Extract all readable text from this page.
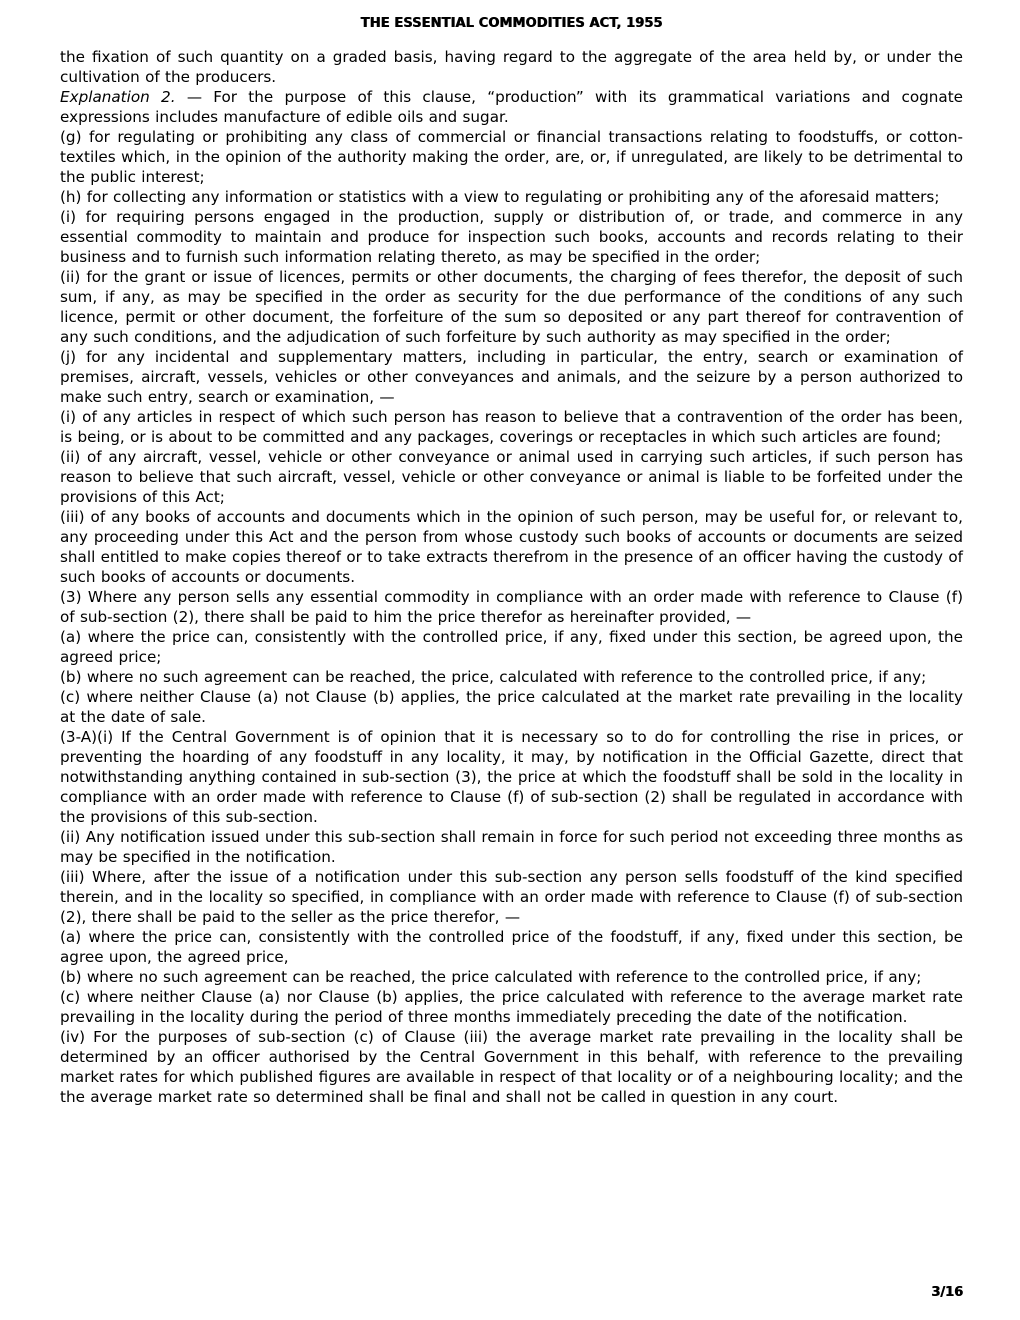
THE ESSENTIAL COMMODITIES ACT, 1955

the fixation of such quantity on a graded basis, having regard to the aggregate of the area held by, or under the cultivation of the producers.

Explanation 2. — For the purpose of this clause, “production” with its grammatical variations and cognate expressions includes manufacture of edible oils and sugar.

(g) for regulating or prohibiting any class of commercial or financial transactions relating to foodstuffs, or cotton-textiles which, in the opinion of the authority making the order, are, or, if unregulated, are likely to be detrimental to the public interest;

(h) for collecting any information or statistics with a view to regulating or prohibiting any of the aforesaid matters;

(i) for requiring persons engaged in the production, supply or distribution of, or trade, and commerce in any essential commodity to maintain and produce for inspection such books, accounts and records relating to their business and to furnish such information relating thereto, as may be specified in the order;

(ii) for the grant or issue of licences, permits or other documents, the charging of fees therefor, the deposit of such sum, if any, as may be specified in the order as security for the due performance of the conditions of any such licence, permit or other document, the forfeiture of the sum so deposited or any part thereof for contravention of any such conditions, and the adjudication of such forfeiture by such authority as may specified in the order;

(j) for any incidental and supplementary matters, including in particular, the entry, search or examination of premises, aircraft, vessels, vehicles or other conveyances and animals, and the seizure by a person authorized to make such entry, search or examination, —

(i) of any articles in respect of which such person has reason to believe that a contravention of the order has been, is being, or is about to be committed and any packages, coverings or receptacles in which such articles are found;

(ii) of any aircraft, vessel, vehicle or other conveyance or animal used in carrying such articles, if such person has reason to believe that such aircraft, vessel, vehicle or other conveyance or animal is liable to be forfeited under the provisions of this Act;

(iii) of any books of accounts and documents which in the opinion of such person, may be useful for, or relevant to, any proceeding under this Act and the person from whose custody such books of accounts or documents are seized shall entitled to make copies thereof or to take extracts therefrom in the presence of an officer having the custody of such books of accounts or documents.

(3) Where any person sells any essential commodity in compliance with an order made with reference to Clause (f) of sub-section (2), there shall be paid to him the price therefor as hereinafter provided, —

(a) where the price can, consistently with the controlled price, if any, fixed under this section, be agreed upon, the agreed price;

(b) where no such agreement can be reached, the price, calculated with reference to the controlled price, if any;

(c) where neither Clause (a) not Clause (b) applies, the price calculated at the market rate prevailing in the locality at the date of sale.

(3-A)(i) If the Central Government is of opinion that it is necessary so to do for controlling the rise in prices, or preventing the hoarding of any foodstuff in any locality, it may, by notification in the Official Gazette, direct that notwithstanding anything contained in sub-section (3), the price at which the foodstuff shall be sold in the locality in compliance with an order made with reference to Clause (f) of sub-section (2) shall be regulated in accordance with the provisions of this sub-section.

(ii) Any notification issued under this sub-section shall remain in force for such period not exceeding three months as may be specified in the notification.

(iii) Where, after the issue of a notification under this sub-section any person sells foodstuff of the kind specified therein, and in the locality so specified, in compliance with an order made with reference to Clause (f) of sub-section (2), there shall be paid to the seller as the price therefor, —

(a) where the price can, consistently with the controlled price of the foodstuff, if any, fixed under this section, be agree upon, the agreed price,

(b) where no such agreement can be reached, the price calculated with reference to the controlled price, if any;

(c) where neither Clause (a) nor Clause (b) applies, the price calculated with reference to the average market rate prevailing in the locality during the period of three months immediately preceding the date of the notification.

(iv) For the purposes of sub-section (c) of Clause (iii) the average market rate prevailing in the locality shall be determined by an officer authorised by the Central Government in this behalf, with reference to the prevailing market rates for which published figures are available in respect of that locality or of a neighbouring locality; and the the average market rate so determined shall be final and shall not be called in question in any court.

3/16
